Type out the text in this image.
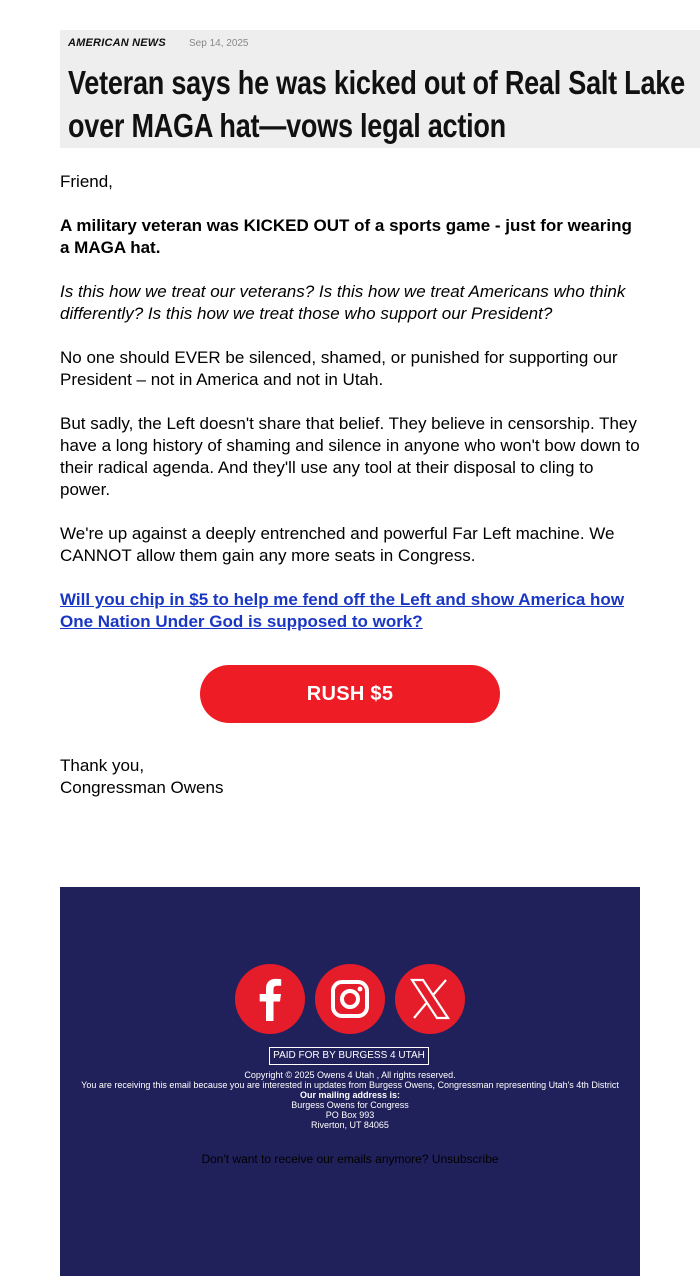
AMERICAN NEWS Sep 14, 2025
Veteran says he was kicked out of Real Salt Lake
over MAGA hat—vows legal action

Friend,

A military veteran was KICKED OUT of a sports game - just for wearing a MAGA hat.

Is this how we treat our veterans? Is this how we treat Americans who think differently? Is this how we treat those who support our President?

No one should EVER be silenced, shamed, or punished for supporting our President – not in America and not in Utah.

But sadly, the Left doesn't share that belief. They believe in censorship. They have a long history of shaming and silence in anyone who won't bow down to their radical agenda. And they'll use any tool at their disposal to cling to power.

We're up against a deeply entrenched and powerful Far Left machine. We CANNOT allow them gain any more seats in Congress.

Will you chip in $5 to help me fend off the Left and show America how One Nation Under God is supposed to work?

RUSH $5
Thank you,
Congressman Owens
PAID FOR BY BURGESS 4 UTAH
Copyright © 2025 Owens 4 Utah , All rights reserved.
You are receiving this email because you are interested in updates from Burgess Owens, Congressman representing Utah's 4th District
Our mailing address is:
Burgess Owens for Congress
PO Box 993
Riverton, UT 84065
Don't want to receive our emails anymore? Unsubscribe
